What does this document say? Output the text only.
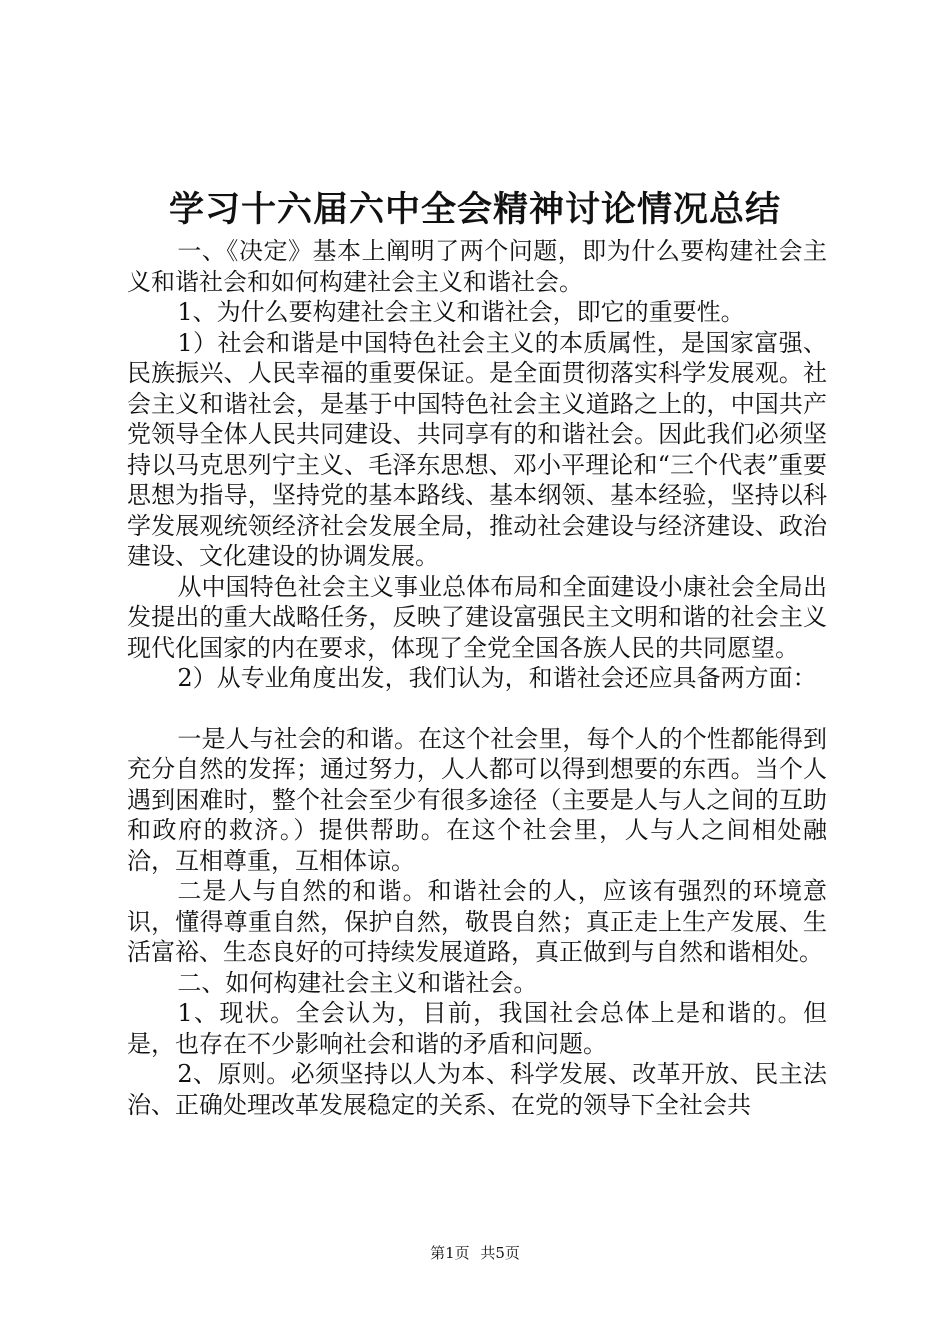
学习十六届六中全会精神讨论情况总结

一、《决定》基本上阐明了两个问题，即为什么要构建社会主义和谐社会和如何构建社会主义和谐社会。

1、为什么要构建社会主义和谐社会，即它的重要性。

1）社会和谐是中国特色社会主义的本质属性，是国家富强、民族振兴、人民幸福的重要保证。是全面贯彻落实科学发展观。社会主义和谐社会，是基于中国特色社会主义道路之上的，中国共产党领导全体人民共同建设、共同享有的和谐社会。因此我们必须坚持以马克思列宁主义、毛泽东思想、邓小平理论和“三个代表”重要思想为指导，坚持党的基本路线、基本纲领、基本经验，坚持以科学发展观统领经济社会发展全局，推动社会建设与经济建设、政治建设、文化建设的协调发展。

从中国特色社会主义事业总体布局和全面建设小康社会全局出发提出的重大战略任务，反映了建设富强民主文明和谐的社会主义现代化国家的内在要求，体现了全党全国各族人民的共同愿望。

2）从专业角度出发，我们认为，和谐社会还应具备两方面：

一是人与社会的和谐。在这个社会里，每个人的个性都能得到充分自然的发挥；通过努力，人人都可以得到想要的东西。当个人遇到困难时，整个社会至少有很多途径（主要是人与人之间的互助和政府的救济。）提供帮助。在这个社会里，人与人之间相处融洽，互相尊重，互相体谅。

二是人与自然的和谐。和谐社会的人，应该有强烈的环境意识，懂得尊重自然，保护自然，敬畏自然；真正走上生产发展、生活富裕、生态良好的可持续发展道路，真正做到与自然和谐相处。

二、如何构建社会主义和谐社会。

1、现状。全会认为，目前，我国社会总体上是和谐的。但是，也存在不少影响社会和谐的矛盾和问题。

2、原则。必须坚持以人为本、科学发展、改革开放、民主法治、正确处理改革发展稳定的关系、在党的领导下全社会共

第1页 共5页
